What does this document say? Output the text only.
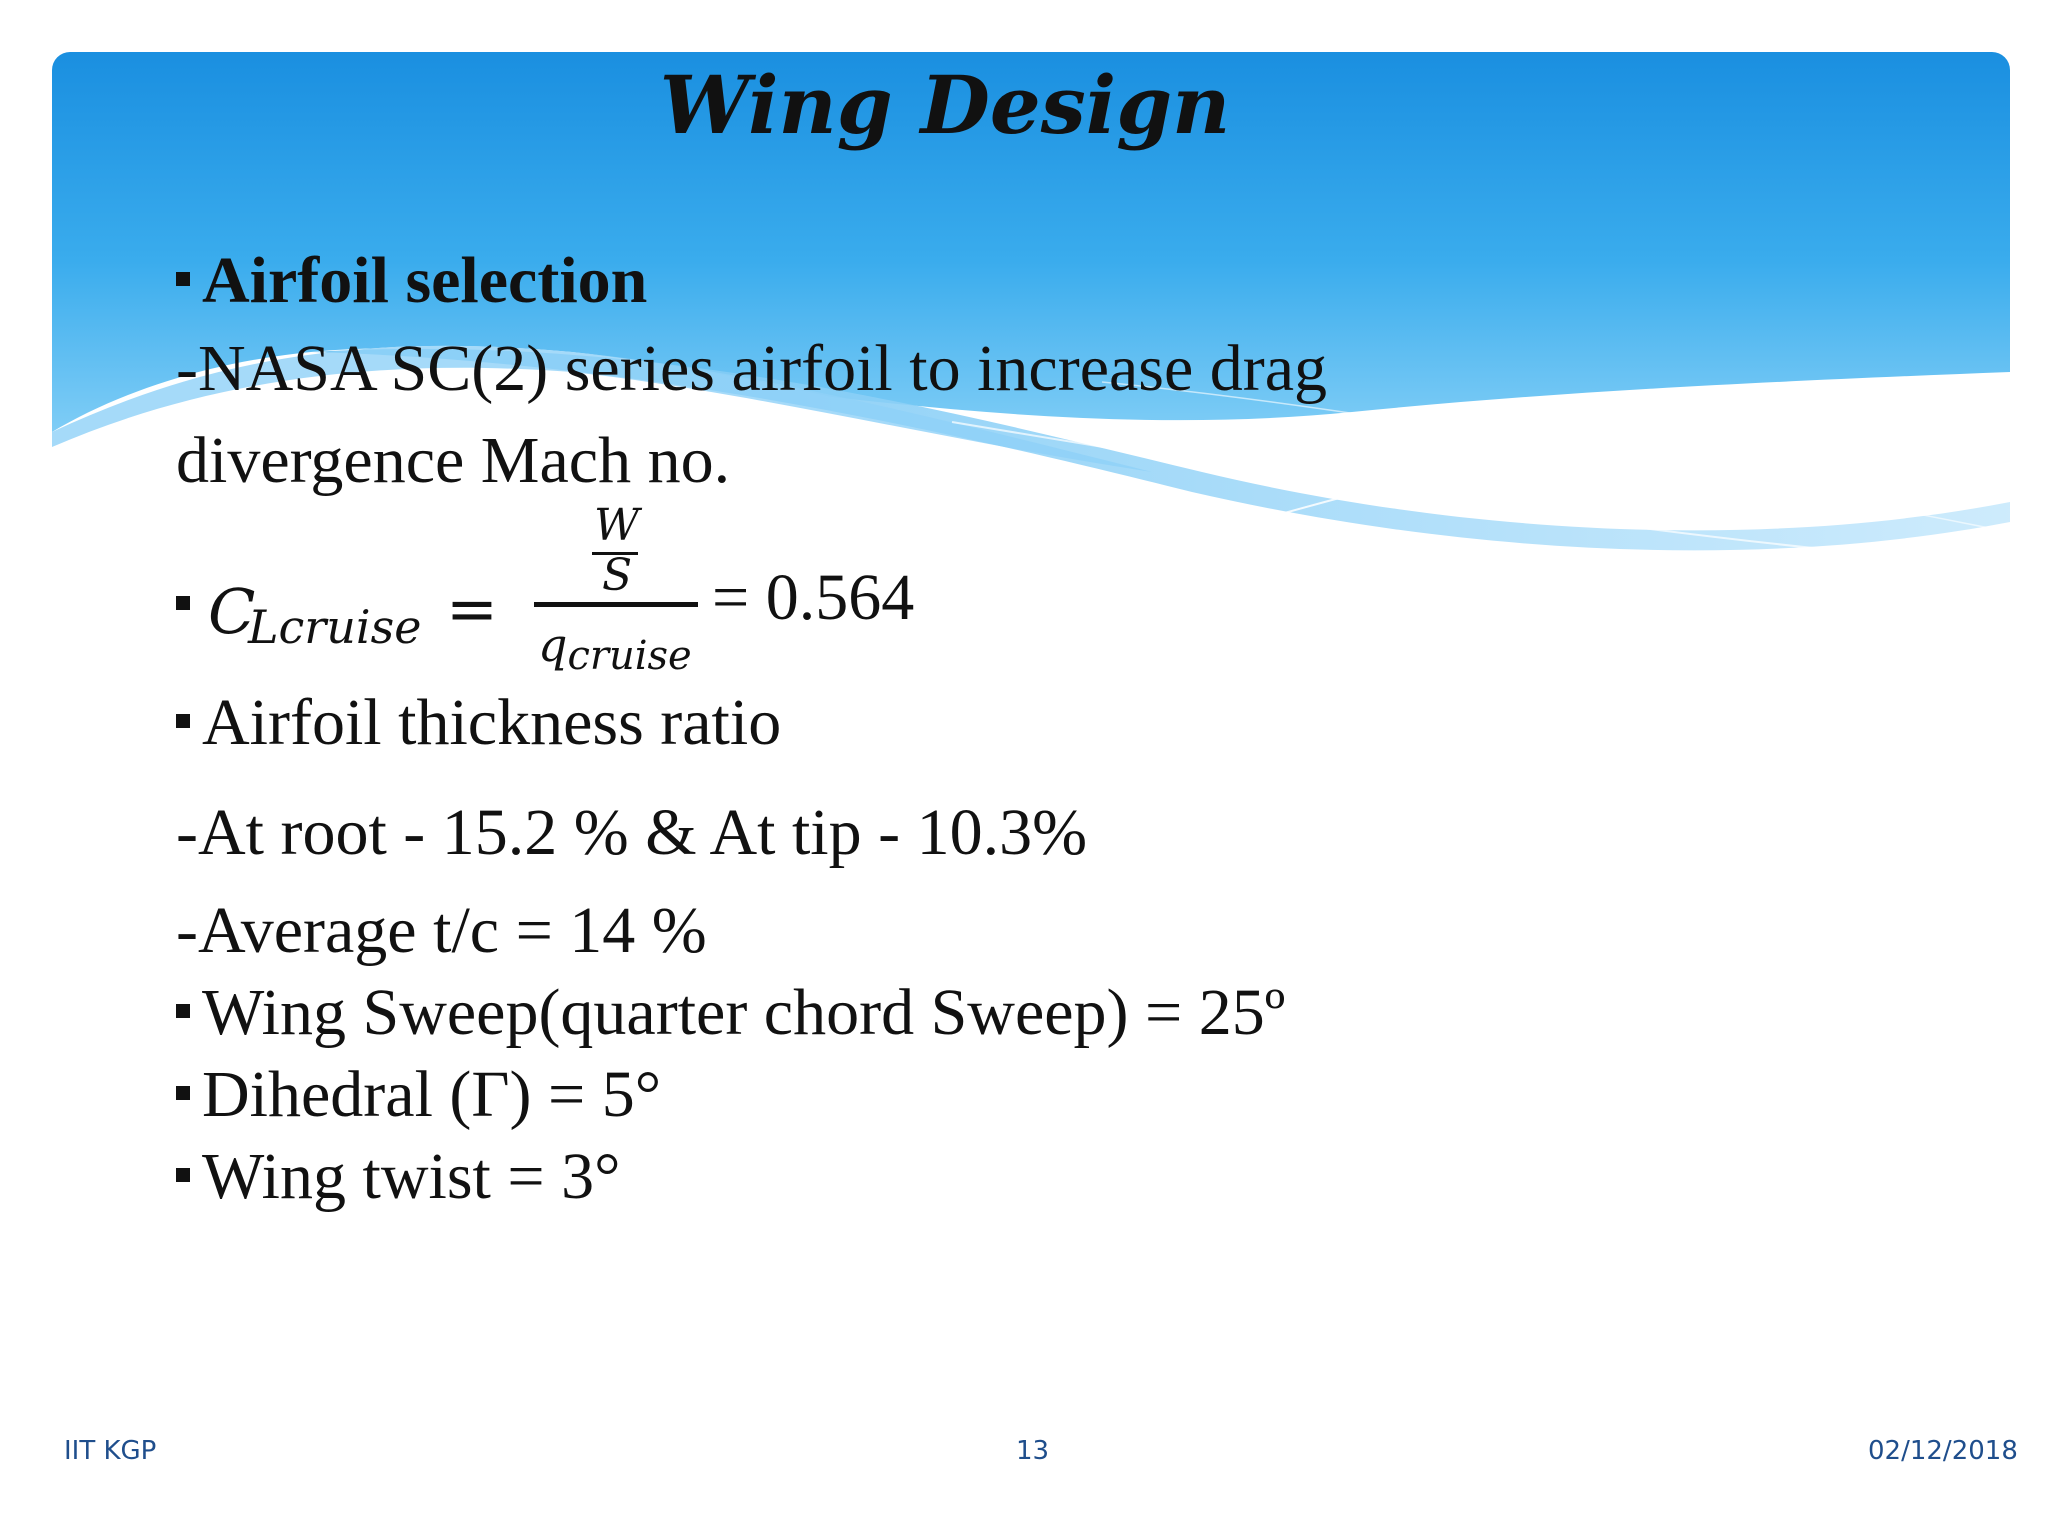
Wing Design
Airfoil selection
-NASA SC(2) series airfoil to increase drag
divergence Mach no.
C
Lcruise =
W
S
qcruise
= 0.564
Airfoil thickness ratio
-At root - 15.2 % & At tip - 10.3%
-Average t/c = 14 %
Wing Sweep(quarter chord Sweep) = 25º
Dihedral (Γ) = 5°
Wing twist = 3°
IIT KGP	13	02/12/2018
